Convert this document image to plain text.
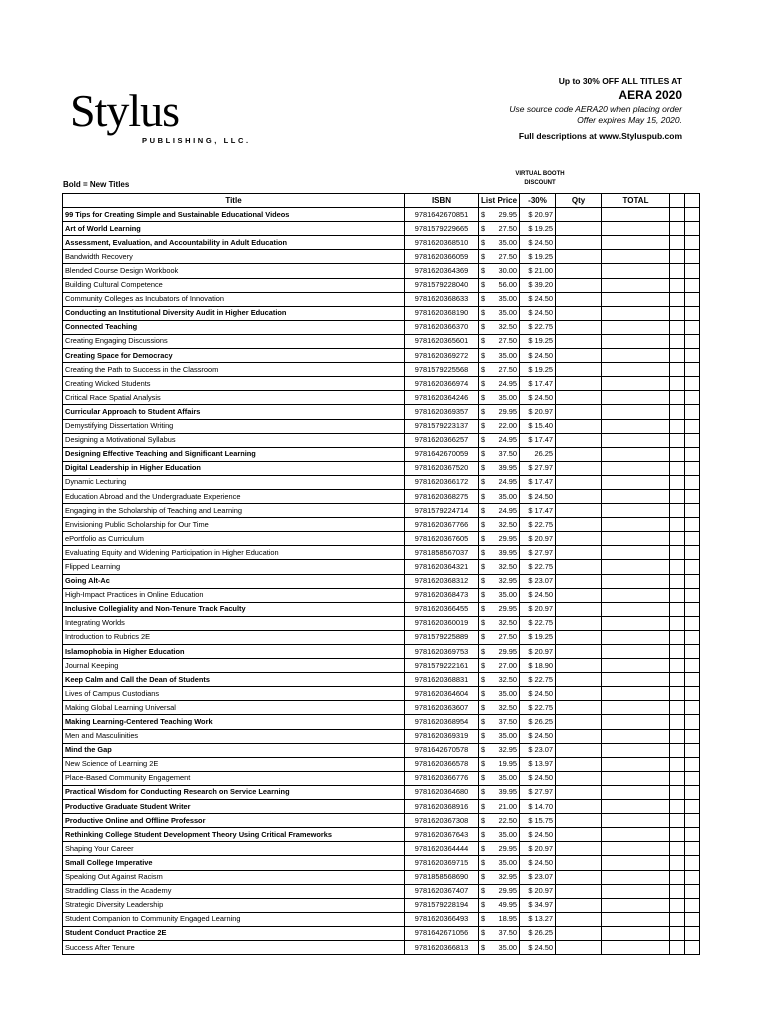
Stylus
PUBLISHING, LLC.
Up to 30% OFF ALL TITLES AT
AERA 2020
Use source code AERA20 when placing order
Offer expires May 15, 2020.
Full descriptions at www.Styluspub.com
VIRTUAL BOOTH DISCOUNT
Bold = New Titles
Title	ISBN	List Price	-30%	Qty	TOTAL		
99 Tips for Creating Simple and Sustainable Educational Videos	9781642670851	$ 29.95	$ 20.97				
Art of World Learning	9781579229665	$ 27.50	$ 19.25				
Assessment, Evaluation, and Accountability in Adult Education	9781620368510	$ 35.00	$ 24.50				
Bandwidth Recovery	9781620366059	$ 27.50	$ 19.25				
Blended Course Design Workbook	9781620364369	$ 30.00	$ 21.00				
Building Cultural Competence	9781579228040	$ 56.00	$ 39.20				
Community Colleges as Incubators of Innovation	9781620368633	$ 35.00	$ 24.50				
Conducting an Institutional Diversity Audit in Higher Education	9781620368190	$ 35.00	$ 24.50				
Connected Teaching	9781620366370	$ 32.50	$ 22.75				
Creating Engaging Discussions	9781620365601	$ 27.50	$ 19.25				
Creating Space for Democracy	9781620369272	$ 35.00	$ 24.50				
Creating the Path to Success in the Classroom	9781579225568	$ 27.50	$ 19.25				
Creating Wicked Students	9781620366974	$ 24.95	$ 17.47				
Critical Race Spatial Analysis	9781620364246	$ 35.00	$ 24.50				
Curricular Approach to Student Affairs	9781620369357	$ 29.95	$ 20.97				
Demystifying Dissertation Writing	9781579223137	$ 22.00	$ 15.40				
Designing a Motivational Syllabus	9781620366257	$ 24.95	$ 17.47				
Designing Effective Teaching and Significant Learning	9781642670059	$ 37.50	26.25				
Digital Leadership in Higher Education	9781620367520	$ 39.95	$ 27.97				
Dynamic Lecturing	9781620366172	$ 24.95	$ 17.47				
Education Abroad and the Undergraduate Experience	9781620368275	$ 35.00	$ 24.50				
Engaging in the Scholarship of Teaching and Learning	9781579224714	$ 24.95	$ 17.47				
Envisioning Public Scholarship for Our Time	9781620367766	$ 32.50	$ 22.75				
ePortfolio as Curriculum	9781620367605	$ 29.95	$ 20.97				
Evaluating Equity and Widening Participation in Higher Education	9781858567037	$ 39.95	$ 27.97				
Flipped Learning	9781620364321	$ 32.50	$ 22.75				
Going Alt-Ac	9781620368312	$ 32.95	$ 23.07				
High-Impact Practices in Online Education	9781620368473	$ 35.00	$ 24.50				
Inclusive Collegiality and Non-Tenure Track Faculty	9781620366455	$ 29.95	$ 20.97				
Integrating Worlds	9781620360019	$ 32.50	$ 22.75				
Introduction to Rubrics 2E	9781579225889	$ 27.50	$ 19.25				
Islamophobia in Higher Education	9781620369753	$ 29.95	$ 20.97				
Journal Keeping	9781579222161	$ 27.00	$ 18.90				
Keep Calm and Call the Dean of Students	9781620368831	$ 32.50	$ 22.75				
Lives of Campus Custodians	9781620364604	$ 35.00	$ 24.50				
Making Global Learning Universal	9781620363607	$ 32.50	$ 22.75				
Making Learning-Centered Teaching Work	9781620368954	$ 37.50	$ 26.25				
Men and Masculinities	9781620369319	$ 35.00	$ 24.50				
Mind the Gap	9781642670578	$ 32.95	$ 23.07				
New Science of Learning 2E	9781620366578	$ 19.95	$ 13.97				
Place-Based Community Engagement	9781620366776	$ 35.00	$ 24.50				
Practical Wisdom for Conducting Research on Service Learning	9781620364680	$ 39.95	$ 27.97				
Productive Graduate Student Writer	9781620368916	$ 21.00	$ 14.70				
Productive Online and Offline Professor	9781620367308	$ 22.50	$ 15.75				
Rethinking College Student Development Theory Using Critical Frameworks	9781620367643	$ 35.00	$ 24.50				
Shaping Your Career	9781620364444	$ 29.95	$ 20.97				
Small College Imperative	9781620369715	$ 35.00	$ 24.50				
Speaking Out Against Racism	9781858568690	$ 32.95	$ 23.07				
Straddling Class in the Academy	9781620367407	$ 29.95	$ 20.97				
Strategic Diversity Leadership	9781579228194	$ 49.95	$ 34.97				
Student Companion to Community Engaged Learning	9781620366493	$ 18.95	$ 13.27				
Student Conduct Practice 2E	9781642671056	$ 37.50	$ 26.25				
Success After Tenure	9781620366813	$ 35.00	$ 24.50				
